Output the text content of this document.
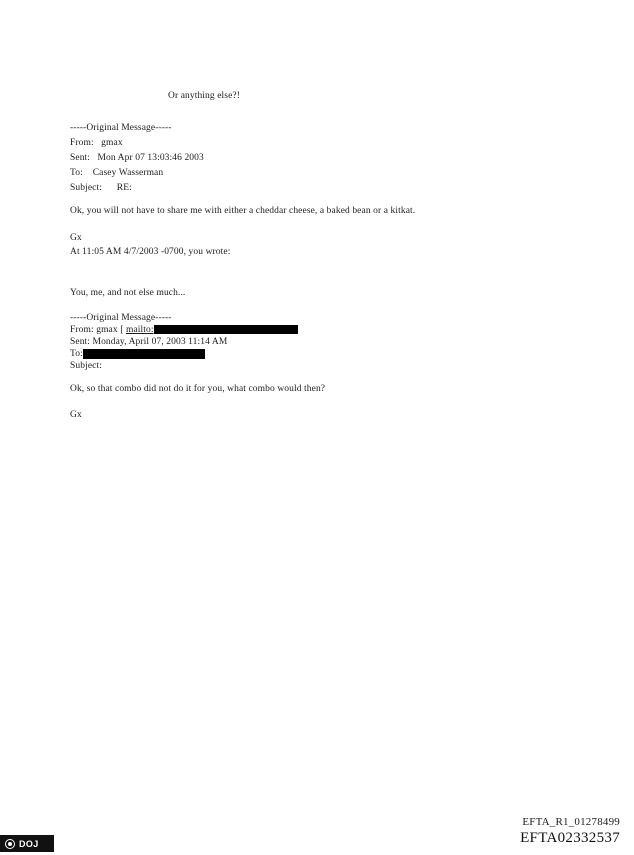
Or anything else?!
-----Original Message-----
From: gmax
Sent: Mon Apr 07 13:03:46 2003
To: Casey Wasserman
Subject: RE:
Ok, you will not have to share me with either a cheddar cheese, a baked bean or a kitkat.
Gx
At 11:05 AM 4/7/2003 -0700, you wrote:
You, me, and not else much...
-----Original Message-----
From: gmax [ mailto:
Sent: Monday, April 07, 2003 11:14 AM
To:
Subject:
Ok, so that combo did not do it for you, what combo would then?
Gx
EFTA_R1_01278499
EFTA02332537
DOJ
